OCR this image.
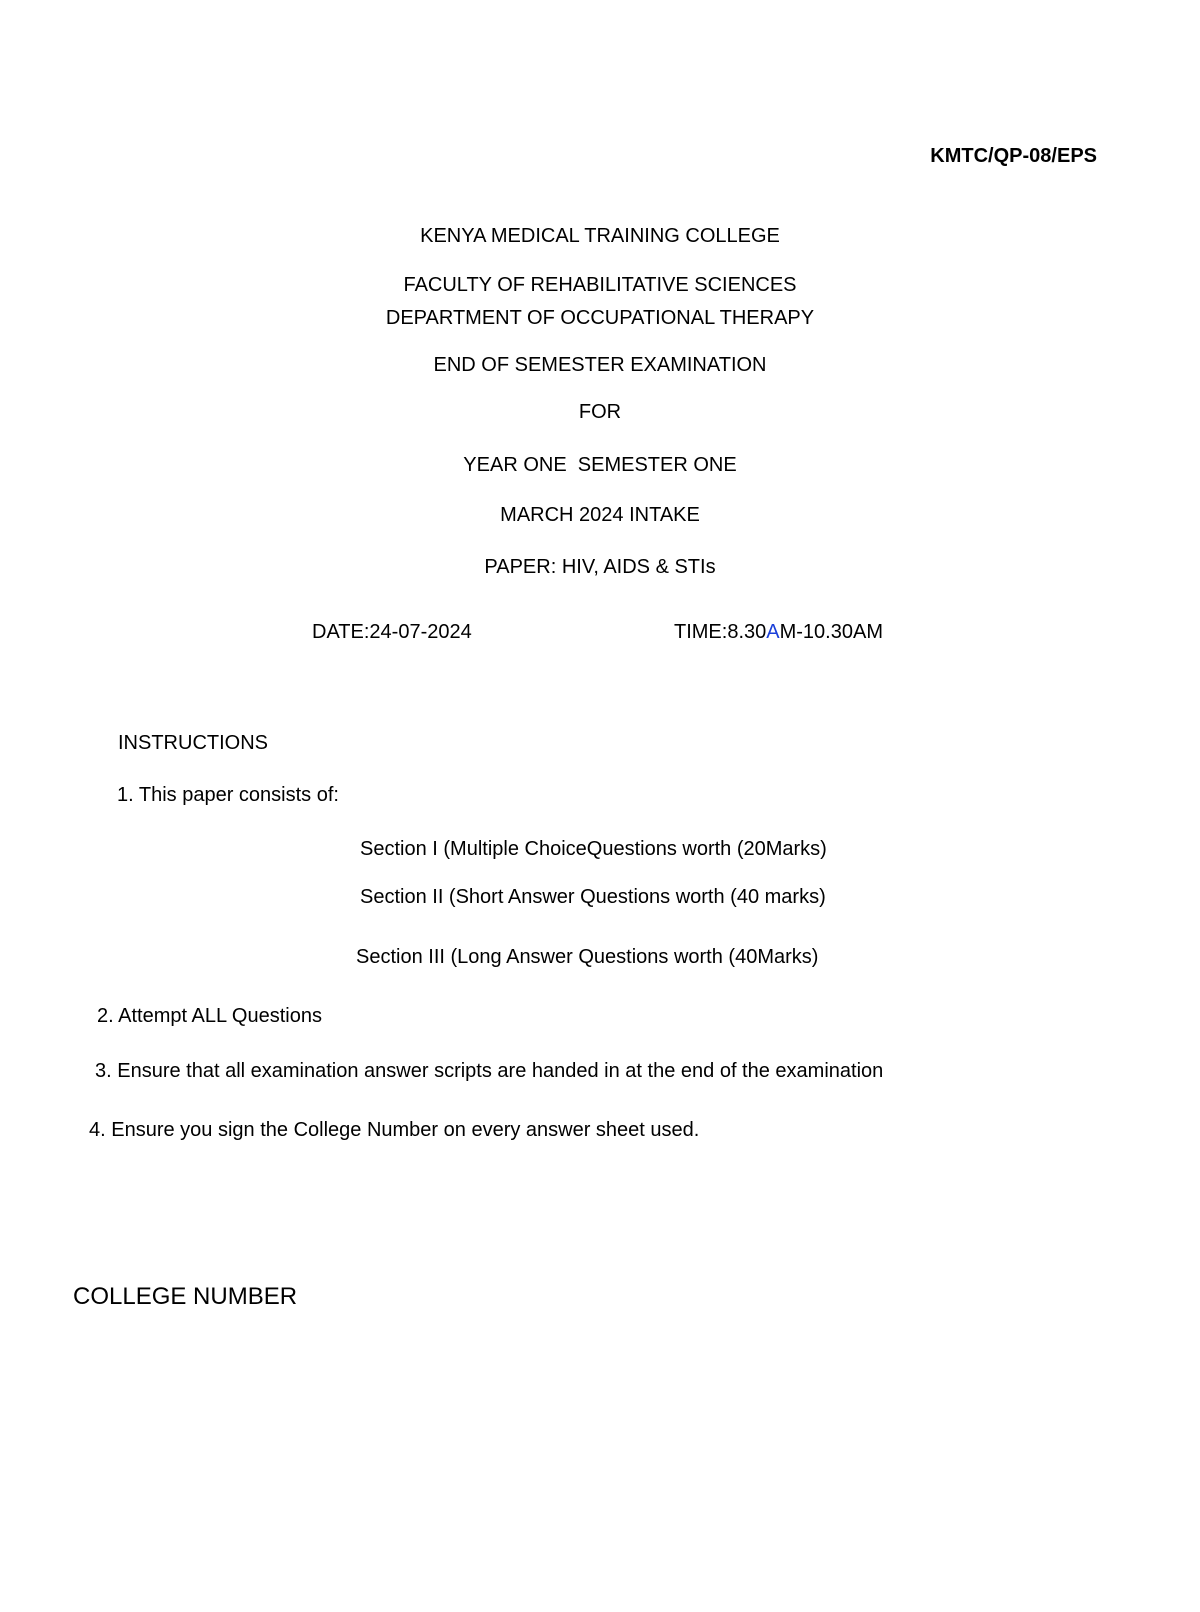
KMTC/QP-08/EPS
KENYA MEDICAL TRAINING COLLEGE
FACULTY OF REHABILITATIVE SCIENCES
DEPARTMENT OF OCCUPATIONAL THERAPY
END OF SEMESTER EXAMINATION
FOR
YEAR ONE  SEMESTER ONE
MARCH 2024 INTAKE
PAPER: HIV, AIDS & STIs
DATE:24-07-2024	TIME:8.30AM-10.30AM
INSTRUCTIONS
1. This paper consists of:
Section I (Multiple ChoiceQuestions worth (20Marks)
Section II (Short Answer Questions worth (40 marks)
Section III (Long Answer Questions worth (40Marks)
2. Attempt ALL Questions
3. Ensure that all examination answer scripts are handed in at the end of the examination
4. Ensure you sign the College Number on every answer sheet used.
COLLEGE NUMBER
